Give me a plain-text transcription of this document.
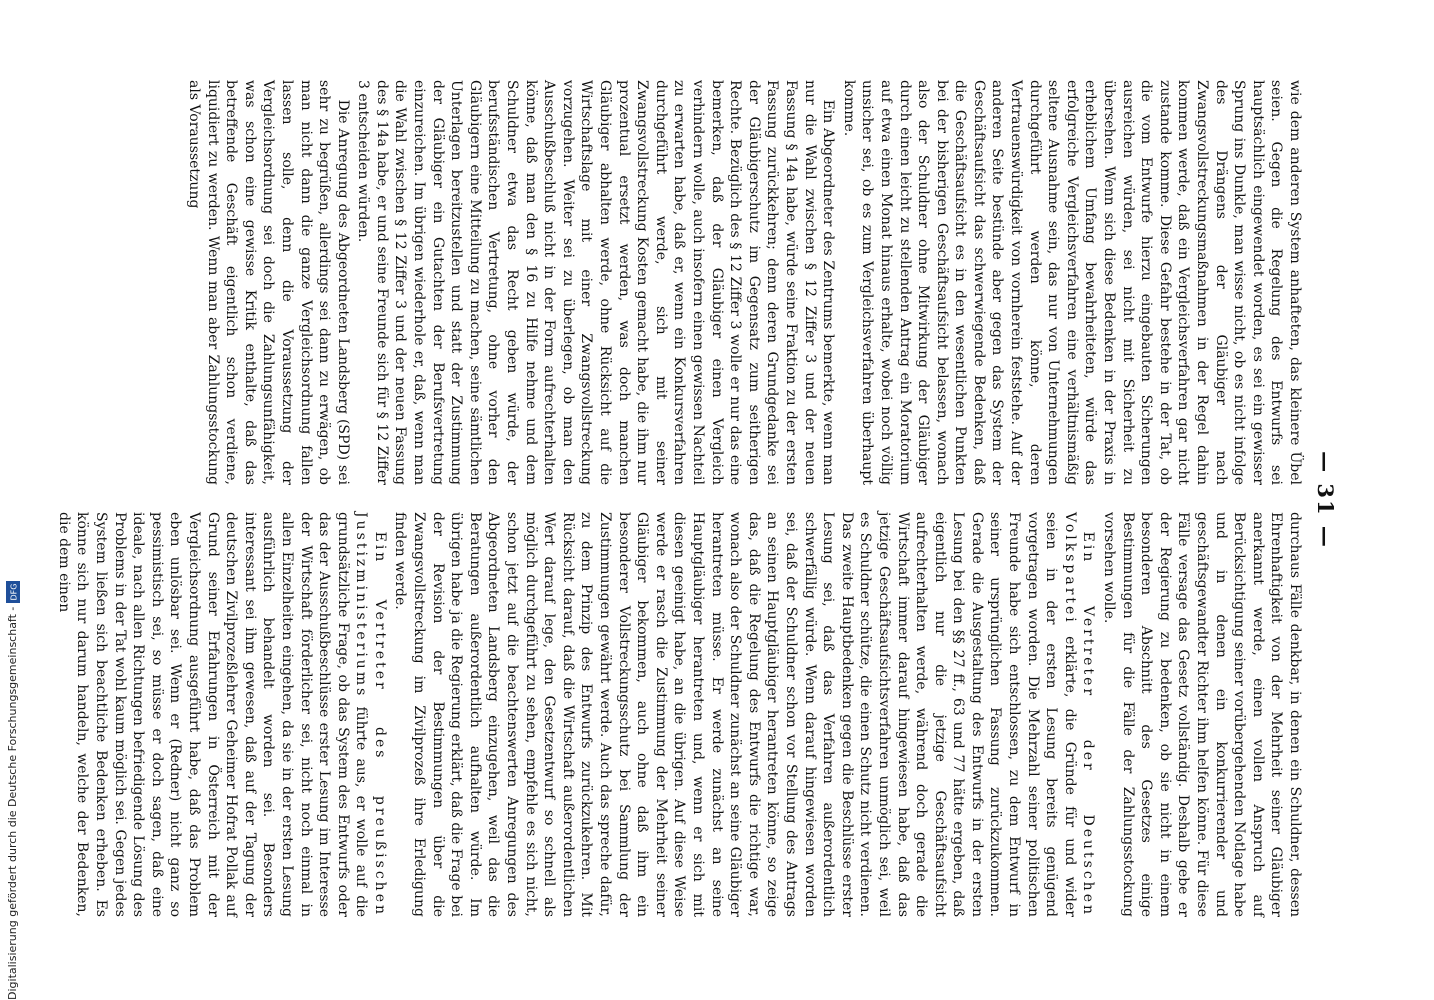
— 31 —

wie dem anderen System anhafteten, das kleinere Übel seien. Gegen die Regelung des Entwurfs sei hauptsächlich eingewendet worden, es sei ein gewisser Sprung ins Dunkle, man wisse nicht, ob es nicht infolge des Drängens der Gläubiger nach Zwangsvollstreckungsmaßnahmen in der Regel dahin kommen werde, daß ein Vergleichsverfahren gar nicht zustande komme. Diese Gefahr bestehe in der Tat, ob die vom Entwurfe hierzu eingebauten Sicherungen ausreichen würden, sei nicht mit Sicherheit zu übersehen. Wenn sich diese Bedenken in der Praxis in erheblichem Umfang bewahrheiteten, würde das erfolgreiche Vergleichsverfahren eine verhältnismäßig seltene Ausnahme sein, das nur von Unternehmungen durchgeführt werden könne, deren Vertrauenswürdigkeit von vornherein feststehe. Auf der anderen Seite bestünde aber gegen das System der Geschäftsaufsicht das schwerwiegende Bedenken, daß die Geschäftsaufsicht es in den wesentlichen Punkten bei der bisherigen Geschäftsaufsicht belassen, wonach also der Schuldner ohne Mitwirkung der Gläubiger durch einen leicht zu stellenden Antrag ein Moratorium auf etwa einen Monat hinaus erhalte, wobei noch völlig unsicher sei, ob es zum Vergleichsverfahren überhaupt komme.

Ein Abgeordneter des Zentrums bemerkte, wenn man nur die Wahl zwischen § 12 Ziffer 3 und der neuen Fassung § 14a habe, würde seine Fraktion zu der ersten Fassung zurückkehren; denn deren Grundgedanke sei der Gläubigerschutz im Gegensatz zum seitherigen Rechte. Bezüglich des § 12 Ziffer 3 wolle er nur das eine bemerken, daß der Gläubiger einen Vergleich verhindern wolle, auch insofern einen gewissen Nachteil zu erwarten habe, daß er, wenn ein Konkursverfahren durchgeführt werde, sich mit seiner Zwangsvollstreckung Kosten gemacht habe, die ihm nur prozentual ersetzt werden, was doch manchen Gläubiger abhalten werde, ohne Rücksicht auf die Wirtschaftslage mit einer Zwangsvollstreckung vorzugehen. Weiter sei zu überlegen, ob man den Ausschußbeschluß nicht in der Form aufrechterhalten könne, daß man den § 16 zu Hilfe nehme und dem Schuldner etwa das Recht geben würde, der berufsständischen Vertretung, ohne vorher den Gläubigern eine Mitteilung zu machen, seine sämtlichen Unterlagen bereitzustellen und statt der Zustimmung der Gläubiger ein Gutachten der Berufsvertretung einzureichen. Im übrigen wiederhole er, daß, wenn man die Wahl zwischen § 12 Ziffer 3 und der neuen Fassung des § 14a habe, er und seine Freunde sich für § 12 Ziffer 3 entscheiden würden.

Die Anregung des Abgeordneten Landsberg (SPD) sei sehr zu begrüßen, allerdings sei dann zu erwägen, ob man nicht dann die ganze Vergleichsordnung fallen lassen solle, denn die Voraussetzung der Vergleichsordnung sei doch die Zahlungsunfähigkeit, was schon eine gewisse Kritik enthalte, daß das betreffende Geschäft eigentlich schon verdiene, liquidiert zu werden. Wenn man aber Zahlungsstockung als Voraussetzung

durchaus Fälle denkbar, in denen ein Schuldner, dessen Ehrenhaftigkeit von der Mehrheit seiner Gläubiger anerkannt werde, einen vollen Anspruch auf Berücksichtigung seiner vorübergehenden Notlage habe und in denen ein konkurrierender und geschäftsgewandter Richter ihm helfen könne. Für diese Fälle versage das Gesetz vollständig. Deshalb gebe er der Regierung zu bedenken, ob sie nicht in einem besonderen Abschnitt des Gesetzes einige Bestimmungen für die Fälle der Zahlungsstockung vorsehen wolle.

Ein Vertreter der Deutschen Volkspartei erklärte, die Gründe für und wider seien in der ersten Lesung bereits genügend vorgetragen worden. Die Mehrzahl seiner politischen Freunde habe sich entschlossen, zu dem Entwurf in seiner ursprünglichen Fassung zurückzukommen. Gerade die Ausgestaltung des Entwurfs in der ersten Lesung bei den §§ 27 ff., 63 und 77 hätte ergeben, daß eigentlich nur die jetzige Geschäftsaufsicht aufrechterhalten werde, während doch gerade die Wirtschaft immer darauf hingewiesen habe, daß das jetzige Geschäftsaufsichtsverfahren unmöglich sei, weil es Schuldner schütze, die einen Schutz nicht verdienen. Das zweite Hauptbedenken gegen die Beschlüsse erster Lesung sei, daß das Verfahren außerordentlich schwerfällig würde. Wenn darauf hingewiesen worden sei, daß der Schuldner schon vor Stellung des Antrags an seinen Hauptgläubiger herantreten könne, so zeige das, daß die Regelung des Entwurfs die richtige war, wonach also der Schuldner zunächst an seine Gläubiger herantreten müsse. Er werde zunächst an seine Hauptgläubiger herantreten und, wenn er sich mit diesen geeinigt habe, an die übrigen. Auf diese Weise werde er rasch die Zustimmung der Mehrheit seiner Gläubiger bekommen, auch ohne daß ihm ein besonderer Vollstreckungsschutz bei Sammlung der Zustimmungen gewährt werde. Auch das spreche dafür, zu dem Prinzip des Entwurfs zurückzukehren. Mit Rücksicht darauf, daß die Wirtschaft außerordentlichen Wert darauf lege, den Gesetzentwurf so schnell als möglich durchgeführt zu sehen, empfehle es sich nicht, schon jetzt auf die beachtenswerten Anregungen des Abgeordneten Landsberg einzugehen, weil das die Beratungen außerordentlich aufhalten würde. Im übrigen habe ja die Regierung erklärt, daß die Frage bei der Revision der Bestimmungen über die Zwangsvollstreckung im Zivilprozeß ihre Erledigung finden werde.

Ein Vertreter des preußischen Justizministeriums führte aus, er wolle auf die grundsätzliche Frage, ob das System des Entwurfs oder das der Ausschußbeschlüsse erster Lesung im Interesse der Wirtschaft förderlicher sei, nicht noch einmal in allen Einzelheiten eingehen, da sie in der ersten Lesung ausführlich behandelt worden sei. Besonders interessant sei ihm gewesen, daß auf der Tagung der deutschen Zivilprozeßlehrer Geheimer Hofrat Pollak auf Grund seiner Erfahrungen in Österreich mit der Vergleichsordnung ausgeführt habe, daß das Problem eben unlösbar sei. Wenn er (Redner) nicht ganz so pessimistisch sei, so müsse er doch sagen, daß eine ideale, nach allen Richtungen befriedigende Lösung des Problems in der Tat wohl kaum möglich sei. Gegen jedes System ließen sich beachtliche Bedenken erheben. Es könne sich nur darum handeln, welche der Bedenken, die dem einen

Digitalisierung gefördert durch die Deutsche Forschungsgemeinschaft -
DFG
